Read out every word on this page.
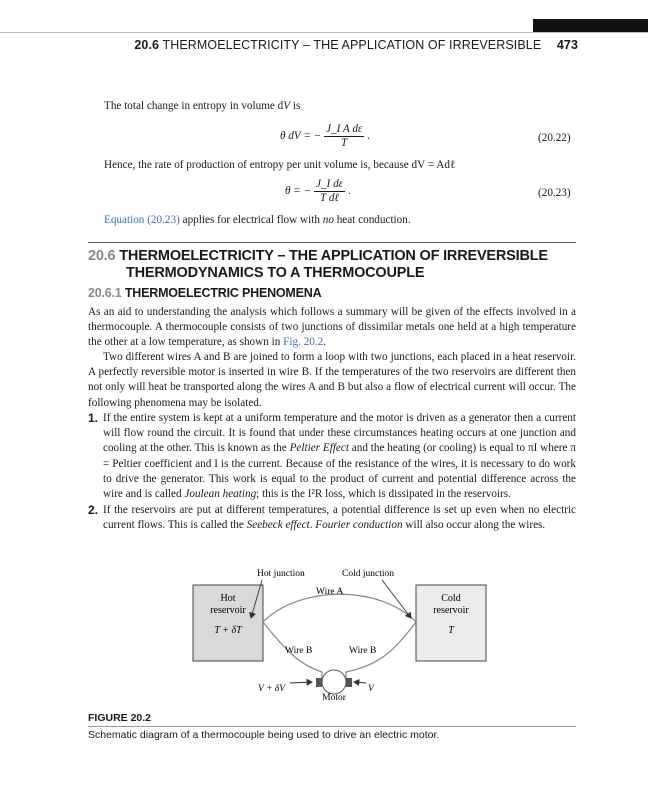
20.6 THERMOELECTRICITY – THE APPLICATION OF IRREVERSIBLE 473
The total change in entropy in volume dV is
θ dV = − $\frac{\text{J\_I A dε}}{T}$ .	(20.22)
Hence, the rate of production of entropy per unit volume is, because dV = Adℓ
θ = − $\frac{\text{J\_I dε}}{\text{T dℓ}}$ .	(20.23)
Equation (20.23) applies for electrical flow with no heat conduction.
20.6 THERMOELECTRICITY – THE APPLICATION OF IRREVERSIBLE
THERMODYNAMICS TO A THERMOCOUPLE
20.6.1 THERMOELECTRIC PHENOMENA
As an aid to understanding the analysis which follows a summary will be given of the effects involved in a thermocouple. A thermocouple consists of two junctions of dissimilar metals one held at a high temperature the other at a low temperature, as shown in Fig. 20.2.
Two different wires A and B are joined to form a loop with two junctions, each placed in a heat reservoir. A perfectly reversible motor is inserted in wire B. If the temperatures of the two reservoirs are different then not only will heat be transported along the wires A and B but also a flow of electrical current will occur. The following phenomena may be isolated.
1. If the entire system is kept at a uniform temperature and the motor is driven as a generator then a current will flow round the circuit. It is found that under these circumstances heating occurs at one junction and cooling at the other. This is known as the Peltier Effect and the heating (or cooling) is equal to πI where π = Peltier coefficient and I is the current. Because of the resistance of the wires, it is necessary to do work to drive the generator. This work is equal to the product of current and potential difference across the wire and is called Joulean heating; this is the I²R loss, which is dissipated in the reservoirs.
2. If the reservoirs are put at different temperatures, a potential difference is set up even when no electric current flows. This is called the Seebeck effect. Fourier conduction will also occur along the wires.
Hot junction	Cold junction
Wire A
Wire B	Wire B
Hot
reservoir
T + δT
Cold
reservoir
T
V + δV	V
Motor
FIGURE 20.2
Schematic diagram of a thermocouple being used to drive an electric motor.
